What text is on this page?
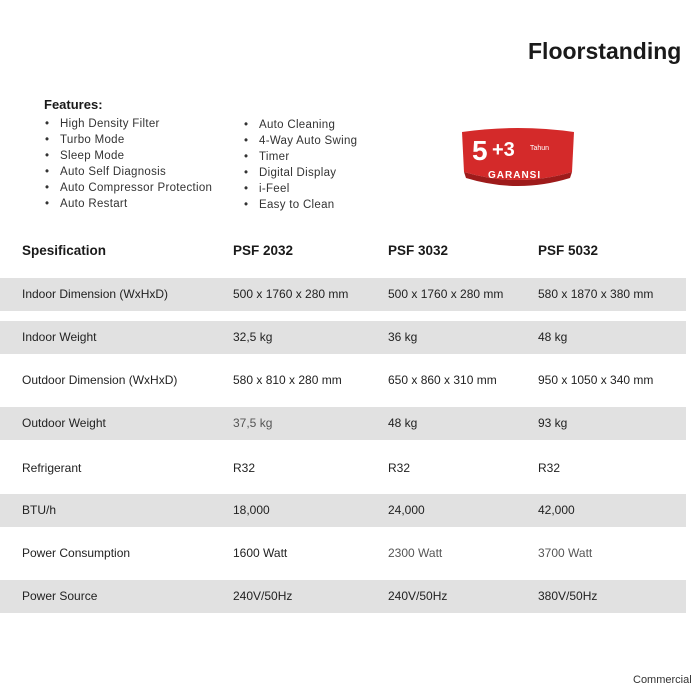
Floorstanding
Features:
• High Density Filter
• Turbo Mode
• Sleep Mode
• Auto Self Diagnosis
• Auto Compressor Protection
• Auto Restart
• Auto Cleaning
• 4-Way Auto Swing
• Timer
• Digital Display
• i-Feel
• Easy to Clean
5 +3 Tahun
GARANSI
Spesification	PSF 2032	PSF 3032	PSF 5032
Indoor Dimension (WxHxD)	500 x 1760 x 280 mm	500 x 1760 x 280 mm	580 x 1870 x 380 mm
Indoor Weight	32,5 kg	36 kg	48 kg
Outdoor Dimension (WxHxD)	580 x 810 x 280 mm	650 x 860 x 310 mm	950 x 1050 x 340 mm
Outdoor Weight	37,5 kg	48 kg	93 kg
Refrigerant	R32	R32	R32
BTU/h	18,000	24,000	42,000
Power Consumption	1600 Watt	2300 Watt	3700 Watt
Power Source	240V/50Hz	240V/50Hz	380V/50Hz
Commercial
